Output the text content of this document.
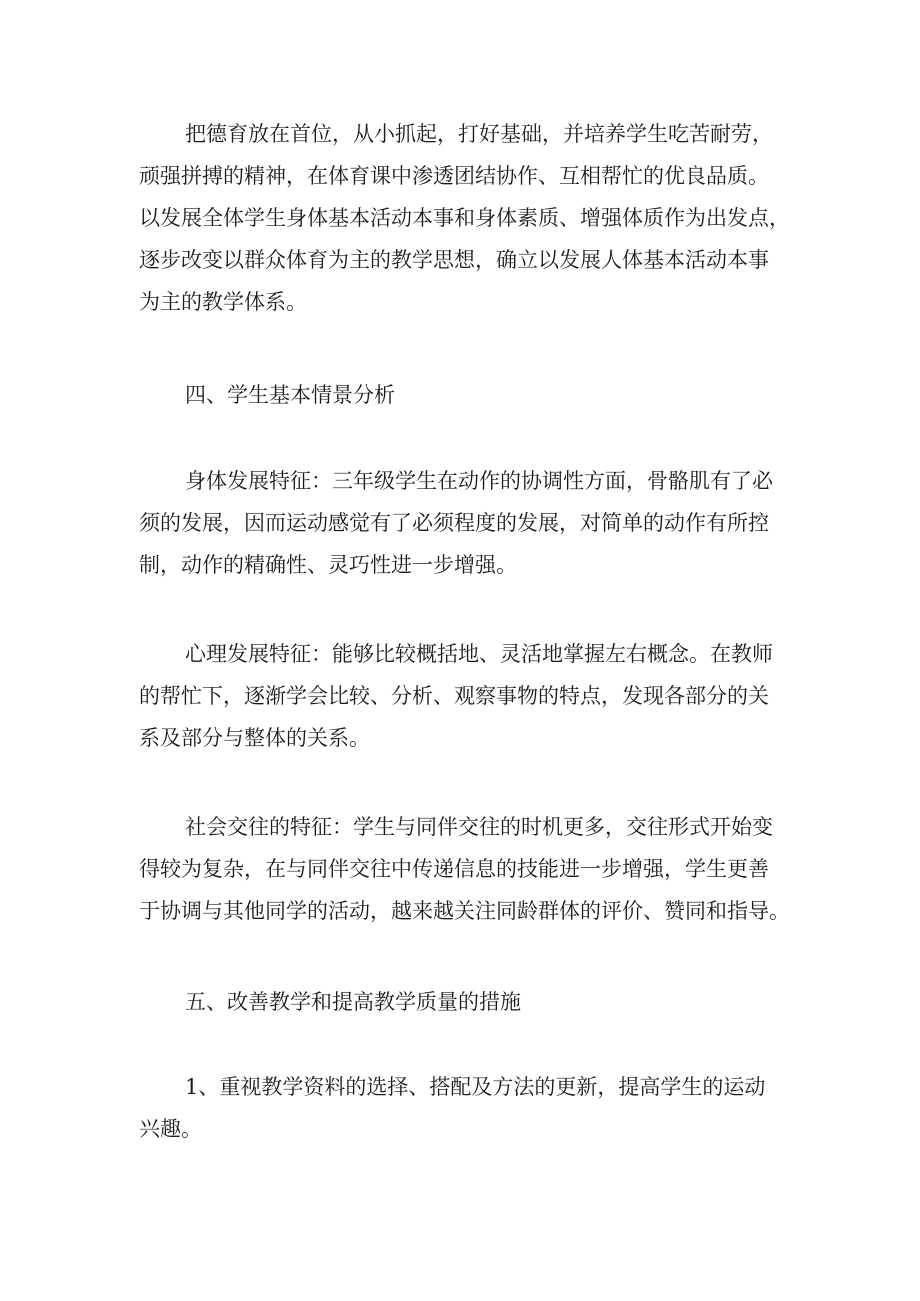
把德育放在首位，从小抓起，打好基础，并培养学生吃苦耐劳，
顽强拼搏的精神，在体育课中渗透团结协作、互相帮忙的优良品质。
以发展全体学生身体基本活动本事和身体素质、增强体质作为出发点，
逐步改变以群众体育为主的教学思想，确立以发展人体基本活动本事
为主的教学体系。
四、学生基本情景分析
身体发展特征：三年级学生在动作的协调性方面，骨骼肌有了必
须的发展，因而运动感觉有了必须程度的发展，对简单的动作有所控
制，动作的精确性、灵巧性进一步增强。
心理发展特征：能够比较概括地、灵活地掌握左右概念。在教师
的帮忙下，逐渐学会比较、分析、观察事物的特点，发现各部分的关
系及部分与整体的关系。
社会交往的特征：学生与同伴交往的时机更多，交往形式开始变
得较为复杂，在与同伴交往中传递信息的技能进一步增强，学生更善
于协调与其他同学的活动，越来越关注同龄群体的评价、赞同和指导。
五、改善教学和提高教学质量的措施
1、重视教学资料的选择、搭配及方法的更新，提高学生的运动
兴趣。
